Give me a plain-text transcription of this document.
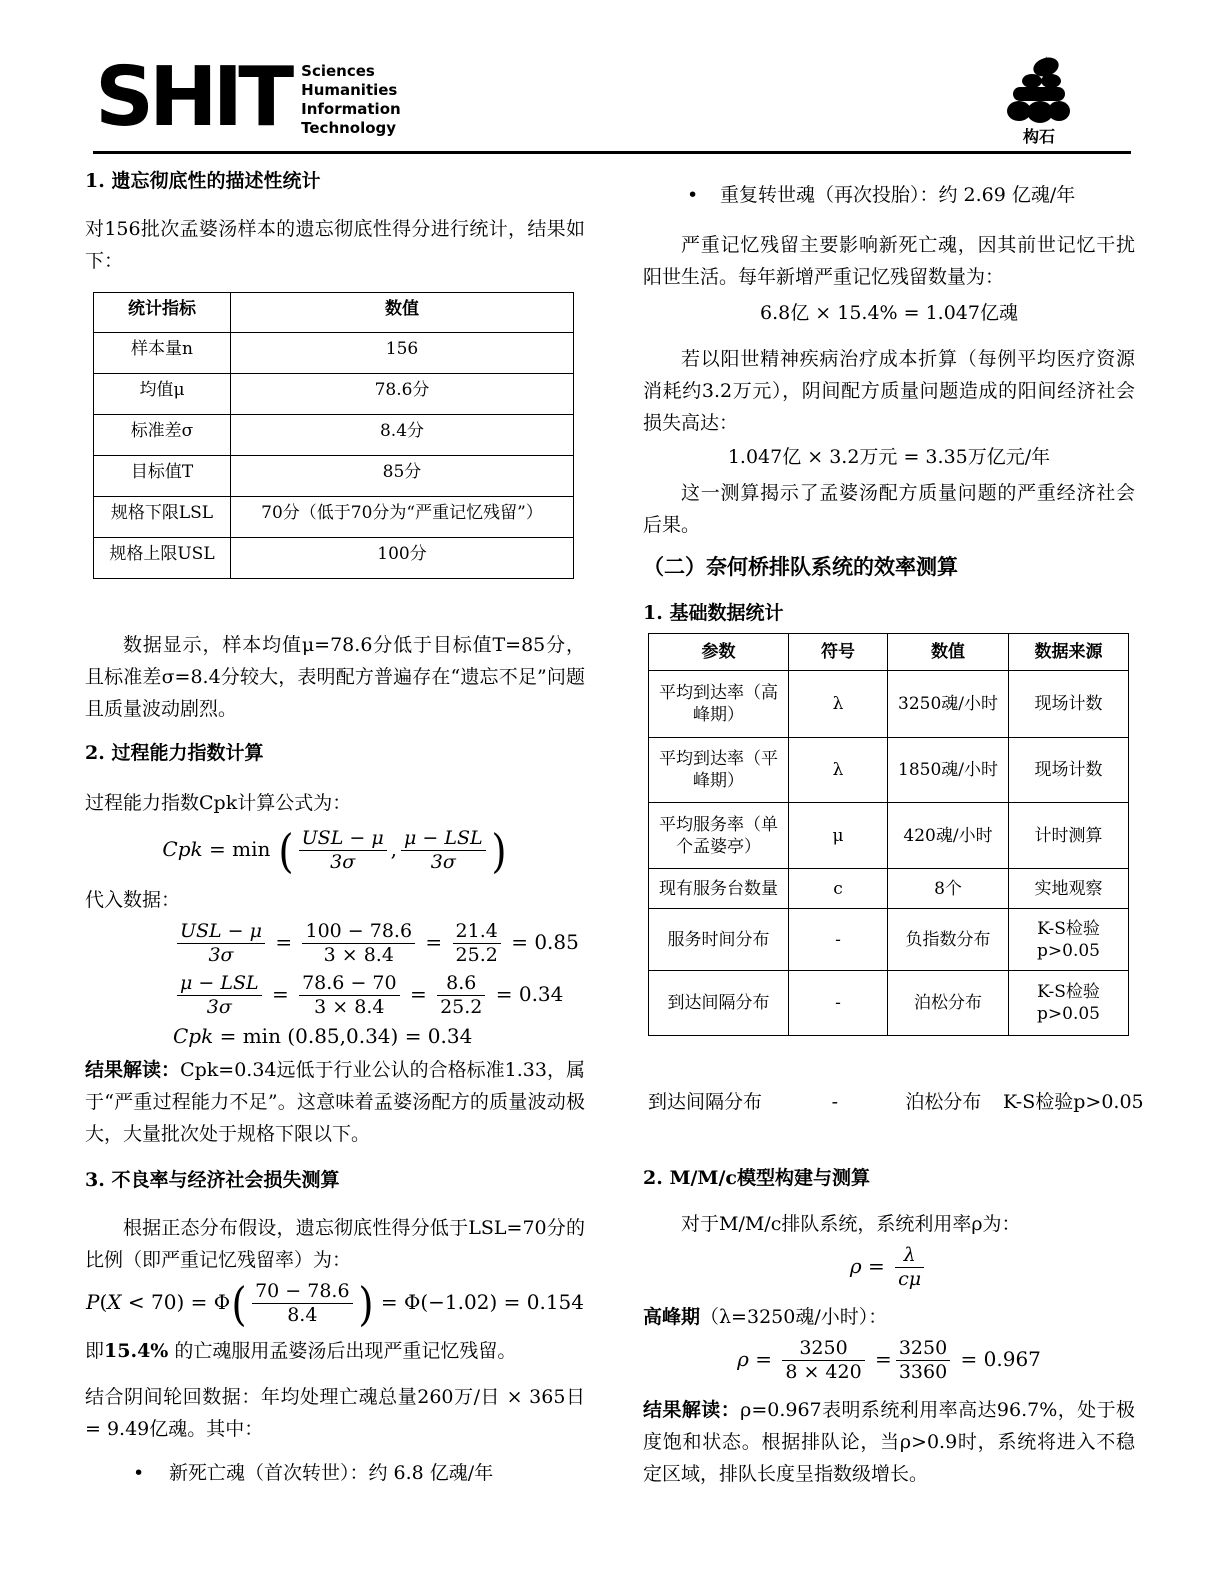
SHIT Sciences
Humanities
Information
Technology	构石

1. 遗忘彻底性的描述性统计

对156批次孟婆汤样本的遗忘彻底性得分进行统计，结果如下：

统计指标	数值
样本量n	156
均值μ	78.6分
标准差σ	8.4分
目标值T	85分
规格下限LSL	70分（低于70分为“严重记忆残留”）
规格上限USL	100分

数据显示，样本均值μ=78.6分低于目标值T=85分，且标准差σ=8.4分较大，表明配方普遍存在“遗忘不足”问题且质量波动剧烈。

2. 过程能力指数计算

过程能力指数Cpk计算公式为：

Cpk = min ( $\frac{\text{USL − μ}}{3\sigma}$ , $\frac{\text{μ − LSL}}{3\sigma}$ )

代入数据：

$\frac{\text{USL − μ}}{3\sigma} = \frac{100 - 78.6}{3 \times 8.4} = \frac{21.4}{25.2} = 0.85$
$\frac{\text{μ − LSL}}{3\sigma} = \frac{78.6 - 70}{3 \times 8.4} = \frac{8.6}{25.2} = 0.34$
Cpk = min (0.85,0.34) = 0.34

结果解读：Cpk=0.34远低于行业公认的合格标准1.33，属于“严重过程能力不足”。这意味着孟婆汤配方的质量波动极大，大量批次处于规格下限以下。

3. 不良率与经济社会损失测算

根据正态分布假设，遗忘彻底性得分低于LSL=70分的比例（即严重记忆残留率）为：

$P(X < 70) = \Phi( \frac{70 - 78.6}{8.4}$ ) = Φ(−1.02) = 0.154

即15.4% 的亡魂服用孟婆汤后出现严重记忆残留。

结合阴间轮回数据：年均处理亡魂总量260万/日 × 365日 = 9.49亿魂。其中：

•	新死亡魂（首次转世）：约 6.8 亿魂/年
•	重复转世魂（再次投胎）：约 2.69 亿魂/年

严重记忆残留主要影响新死亡魂，因其前世记忆干扰阳世生活。每年新增严重记忆残留数量为：

6.8亿 × 15.4% = 1.047亿魂

若以阳世精神疾病治疗成本折算（每例平均医疗资源消耗约3.2万元），阴间配方质量问题造成的阳间经济社会损失高达：

1.047亿 × 3.2万元 = 3.35万亿元/年

这一测算揭示了孟婆汤配方质量问题的严重经济社会后果。

（二）奈何桥排队系统的效率测算

1. 基础数据统计

参数	符号	数值	数据来源
平均到达率（高峰期）	λ	3250魂/小时	现场计数
平均到达率（平峰期）	λ	1850魂/小时	现场计数
平均服务率（单个孟婆亭）	μ	420魂/小时	计时测算
现有服务台数量	c	8个	实地观察
服务时间分布	-	负指数分布	K-S检验 p>0.05
到达间隔分布	-	泊松分布	K-S检验 p>0.05
到达间隔分布	-	泊松分布	K-S检验p>0.05

2. M/M/c模型构建与测算

对于M/M/c排队系统，系统利用率ρ为：

$\rho = \frac{\lambda}{c\mu}$

高峰期（λ=3250魂/小时）：

$\rho = \frac{3250}{8 \times 420} = \frac{3250}{3360} = 0.967$

结果解读：ρ=0.967表明系统利用率高达96.7%，处于极度饱和状态。根据排队论，当ρ>0.9时，系统将进入不稳定区域，排队长度呈指数级增长。
